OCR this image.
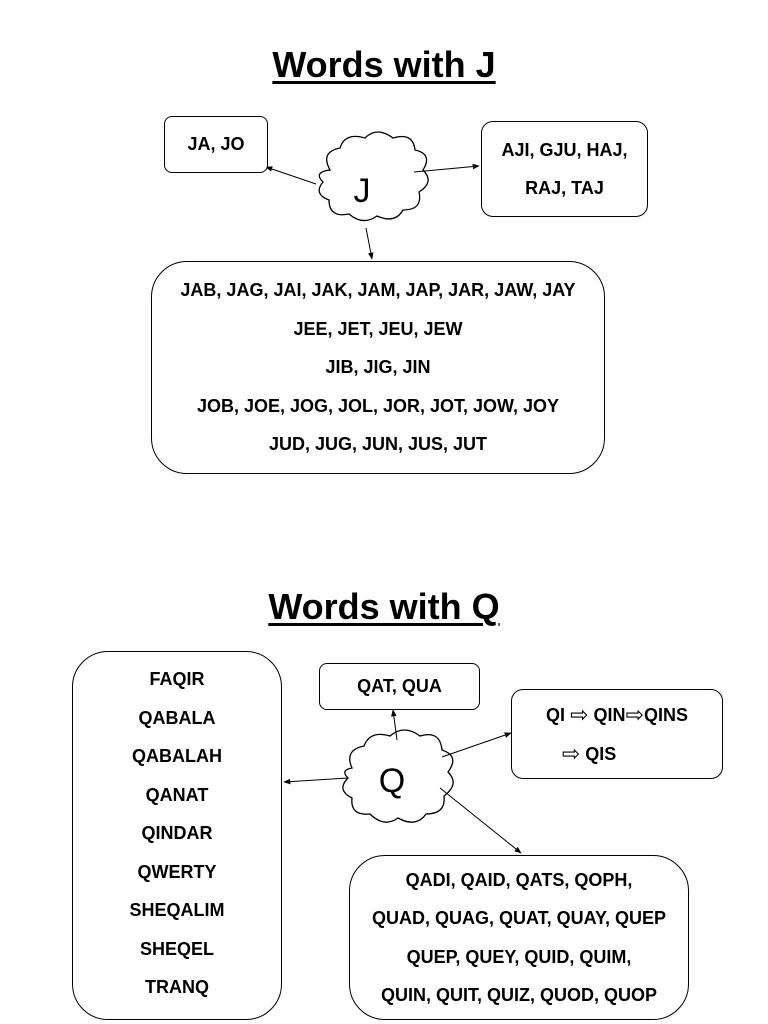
Words with J
J
JA, JO	AJI, GJU, HAJ,
RAJ, TAJ
JAB, JAG, JAI, JAK, JAM, JAP, JAR, JAW, JAY
JEE, JET, JEU, JEW
JIB, JIG, JIN
JOB, JOE, JOG, JOL, JOR, JOT, JOW, JOY
JUD, JUG, JUN, JUS, JUT
Words with Q
Q
FAQIR
QABALA
QABALAH
QANAT
QINDAR
QWERTY
SHEQALIM
SHEQEL
TRANQ
QAT, QUA
QI ⇨ QIN⇨QINS
⇨ QIS
QADI, QAID, QATS, QOPH,
QUAD, QUAG, QUAT, QUAY, QUEP
QUEP, QUEY, QUID, QUIM,
QUIN, QUIT, QUIZ, QUOD, QUOP
